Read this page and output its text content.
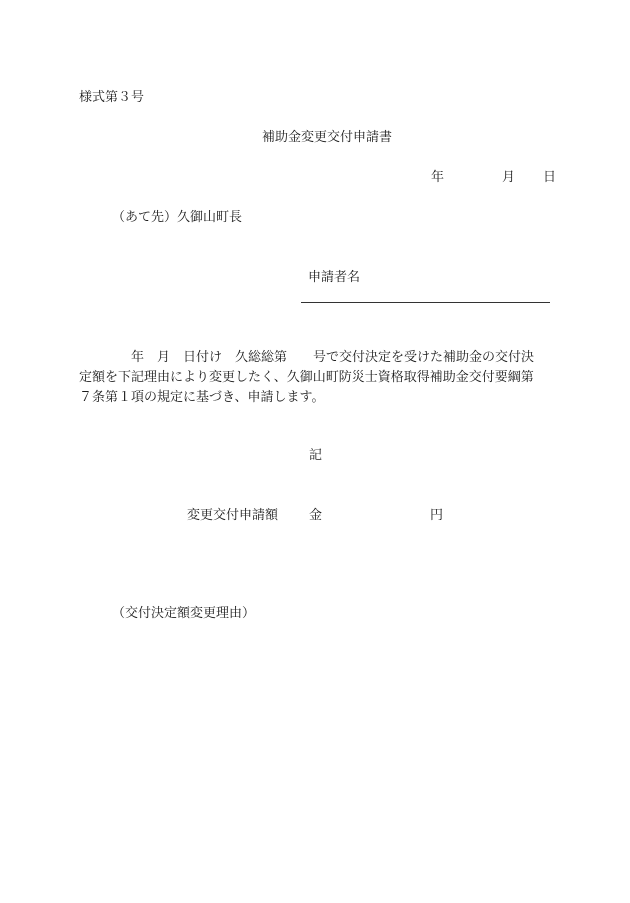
様式第３号
補助金変更交付申請書
年	月 日
（あて先）久御山町長
申請者名
　　　　年　月　日付け　久総総第　　号で交付決定を受けた補助金の交付決
定額を下記理由により変更したく、久御山町防災士資格取得補助金交付要綱第
７条第１項の規定に基づき、申請します。
記
変更交付申請額 金	円
（交付決定額変更理由）
